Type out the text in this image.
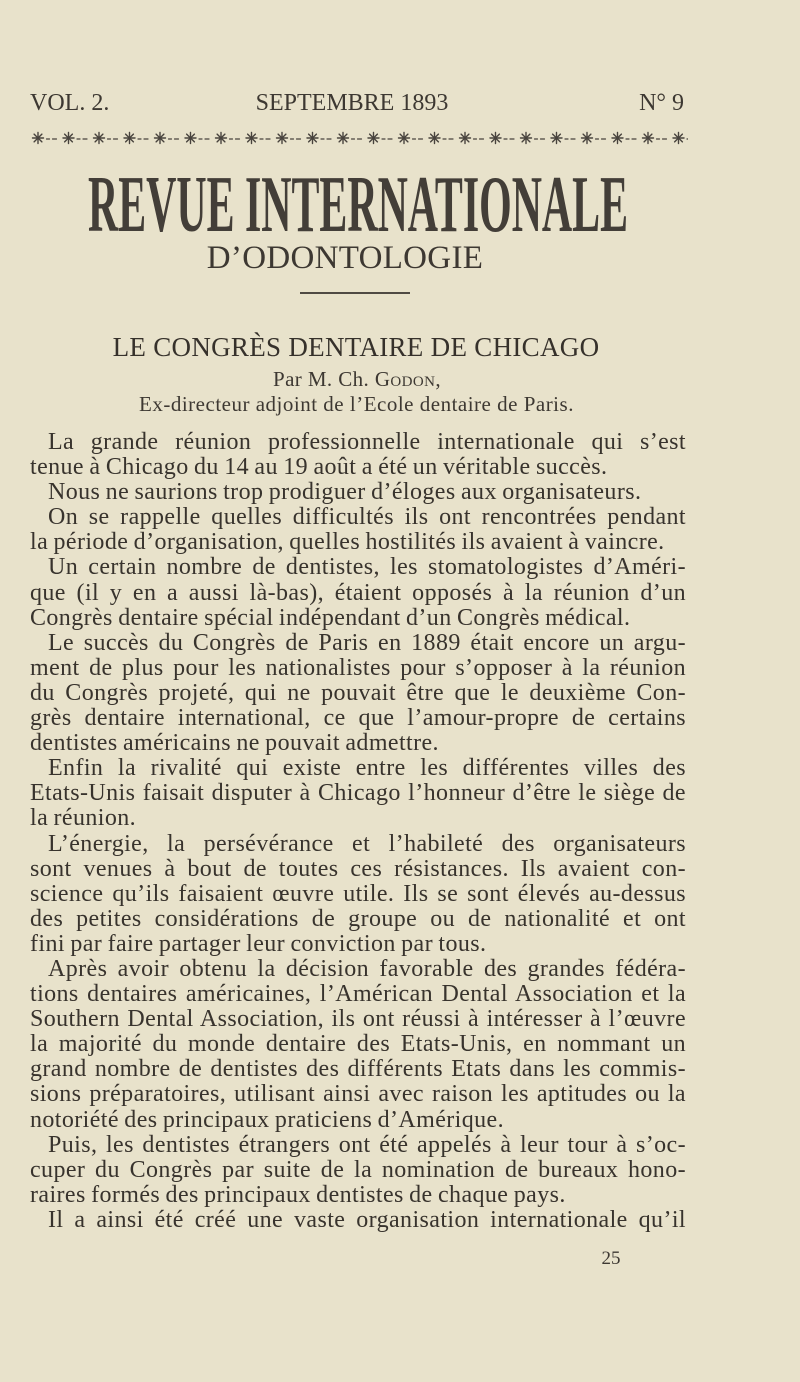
VOL. 2.	SEPTEMBRE 1893	N° 9
REVUE INTERNATIONALE
D’ODONTOLOGIE
LE CONGRÈS DENTAIRE DE CHICAGO
Par M. Ch. Godon,
Ex-directeur adjoint de l’Ecole dentaire de Paris.
La grande réunion professionnelle internationale qui s’est
tenue à Chicago du 14 au 19 août a été un véritable succès.
Nous ne saurions trop prodiguer d’éloges aux organisateurs.
On se rappelle quelles difficultés ils ont rencontrées pendant
la période d’organisation, quelles hostilités ils avaient à vaincre.
Un certain nombre de dentistes, les stomatologistes d’Améri-
que (il y en a aussi là-bas), étaient opposés à la réunion d’un
Congrès dentaire spécial indépendant d’un Congrès médical.
Le succès du Congrès de Paris en 1889 était encore un argu-
ment de plus pour les nationalistes pour s’opposer à la réunion
du Congrès projeté, qui ne pouvait être que le deuxième Con-
grès dentaire international, ce que l’amour-propre de certains
dentistes américains ne pouvait admettre.
Enfin la rivalité qui existe entre les différentes villes des
Etats-Unis faisait disputer à Chicago l’honneur d’être le siège de
la réunion.
L’énergie, la persévérance et l’habileté des organisateurs
sont venues à bout de toutes ces résistances. Ils avaient con-
science qu’ils faisaient œuvre utile. Ils se sont élevés au-dessus
des petites considérations de groupe ou de nationalité et ont
fini par faire partager leur conviction par tous.
Après avoir obtenu la décision favorable des grandes fédéra-
tions dentaires américaines, l’Américan Dental Association et la
Southern Dental Association, ils ont réussi à intéresser à l’œuvre
la majorité du monde dentaire des Etats-Unis, en nommant un
grand nombre de dentistes des différents Etats dans les commis-
sions préparatoires, utilisant ainsi avec raison les aptitudes ou la
notoriété des principaux praticiens d’Amérique.
Puis, les dentistes étrangers ont été appelés à leur tour à s’oc-
cuper du Congrès par suite de la nomination de bureaux hono-
raires formés des principaux dentistes de chaque pays.
Il a ainsi été créé une vaste organisation internationale qu’il
25
